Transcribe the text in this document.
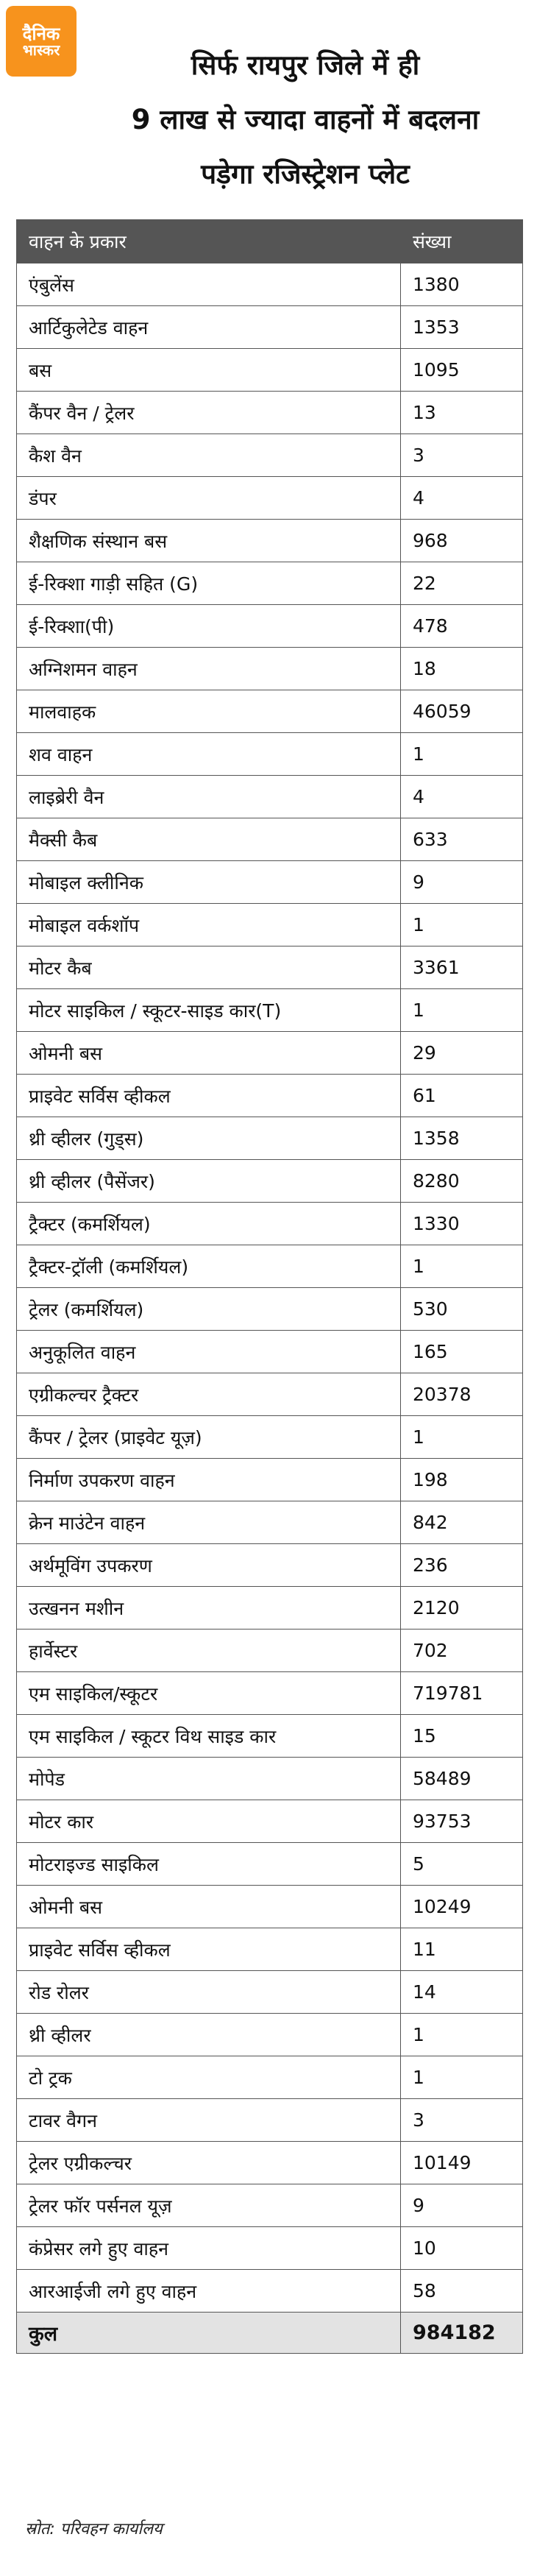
दैनिक
भास्कर	सिर्फ रायपुर जिले में ही
9 लाख से ज्यादा वाहनों में बदलना
पड़ेगा रजिस्ट्रेशन प्लेट
वाहन के प्रकार	संख्या
एंबुलेंस	1380
आर्टिकुलेटेड वाहन	1353
बस	1095
कैंपर वैन / ट्रेलर	13
कैश वैन	3
डंपर	4
शैक्षणिक संस्थान बस	968
ई-रिक्शा गाड़ी सहित (G)	22
ई-रिक्शा(पी)	478
अग्निशमन वाहन	18
मालवाहक	46059
शव वाहन	1
लाइब्रेरी वैन	4
मैक्सी कैब	633
मोबाइल क्लीनिक	9
मोबाइल वर्कशॉप	1
मोटर कैब	3361
मोटर साइकिल / स्कूटर-साइड कार(T)	1
ओमनी बस	29
प्राइवेट सर्विस व्हीकल	61
थ्री व्हीलर (गुड्स)	1358
थ्री व्हीलर (पैसेंजर)	8280
ट्रैक्टर (कमर्शियल)	1330
ट्रैक्टर-ट्रॉली (कमर्शियल)	1
ट्रेलर (कमर्शियल)	530
अनुकूलित वाहन	165
एग्रीकल्चर ट्रैक्टर	20378
कैंपर / ट्रेलर (प्राइवेट यूज़)	1
निर्माण उपकरण वाहन	198
क्रेन माउंटेन वाहन	842
अर्थमूविंग उपकरण	236
उत्खनन मशीन	2120
हार्वेस्टर	702
एम साइकिल/स्कूटर	719781
एम साइकिल / स्कूटर विथ साइड कार	15
मोपेड	58489
मोटर कार	93753
मोटराइज्ड साइकिल	5
ओमनी बस	10249
प्राइवेट सर्विस व्हीकल	11
रोड रोलर	14
थ्री व्हीलर	1
टो ट्रक	1
टावर वैगन	3
ट्रेलर एग्रीकल्चर	10149
ट्रेलर फॉर पर्सनल यूज़	9
कंप्रेसर लगे हुए वाहन	10
आरआईजी लगे हुए वाहन	58
कुल	984182
स्रोत: परिवहन कार्यालय
